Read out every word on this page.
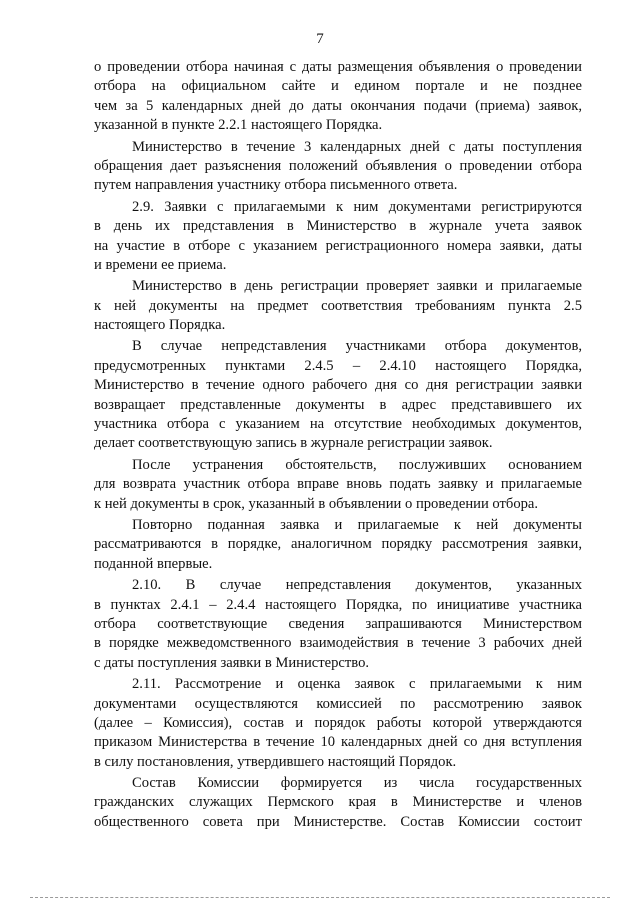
7
о проведении отбора начиная с даты размещения объявления о проведении
отбора на официальном сайте и едином портале и не позднее
чем за 5 календарных дней до даты окончания подачи (приема) заявок,
указанной в пункте 2.2.1 настоящего Порядка.
Министерство в течение 3 календарных дней с даты поступления
обращения дает разъяснения положений объявления о проведении отбора
путем направления участнику отбора письменного ответа.
2.9. Заявки с прилагаемыми к ним документами регистрируются
в день их представления в Министерство в журнале учета заявок
на участие в отборе с указанием регистрационного номера заявки, даты
и времени ее приема.
Министерство в день регистрации проверяет заявки и прилагаемые
к ней документы на предмет соответствия требованиям пункта 2.5
настоящего Порядка.
В случае непредставления участниками отбора документов,
предусмотренных пунктами 2.4.5 – 2.4.10 настоящего Порядка,
Министерство в течение одного рабочего дня со дня регистрации заявки
возвращает представленные документы в адрес представившего их
участника отбора с указанием на отсутствие необходимых документов,
делает соответствующую запись в журнале регистрации заявок.
После устранения обстоятельств, послуживших основанием
для возврата участник отбора вправе вновь подать заявку и прилагаемые
к ней документы в срок, указанный в объявлении о проведении отбора.
Повторно поданная заявка и прилагаемые к ней документы
рассматриваются в порядке, аналогичном порядку рассмотрения заявки,
поданной впервые.
2.10. В случае непредставления документов, указанных
в пунктах 2.4.1 – 2.4.4 настоящего Порядка, по инициативе участника
отбора соответствующие сведения запрашиваются Министерством
в порядке межведомственного взаимодействия в течение 3 рабочих дней
с даты поступления заявки в Министерство.
2.11. Рассмотрение и оценка заявок с прилагаемыми к ним
документами осуществляются комиссией по рассмотрению заявок
(далее – Комиссия), состав и порядок работы которой утверждаются
приказом Министерства в течение 10 календарных дней со дня вступления
в силу постановления, утвердившего настоящий Порядок.
Состав Комиссии формируется из числа государственных
гражданских служащих Пермского края в Министерстве и членов
общественного совета при Министерстве. Состав Комиссии состоит
